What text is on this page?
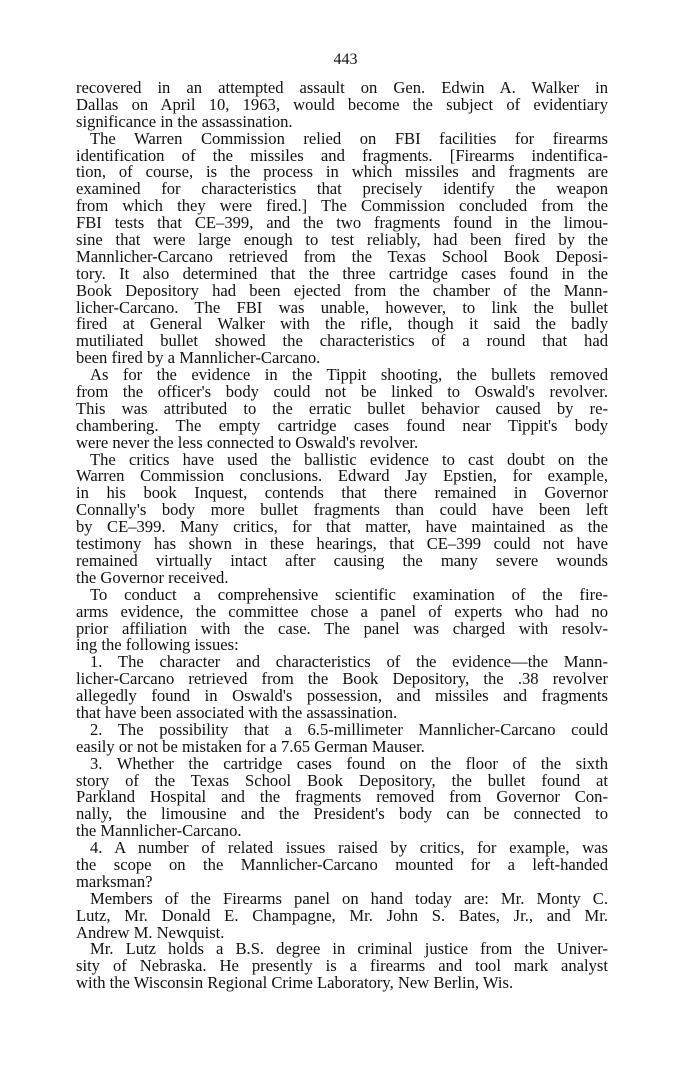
443
recovered in an attempted assault on Gen. Edwin A. Walker in
Dallas on April 10, 1963, would become the subject of evidentiary
significance in the assassination.
The Warren Commission relied on FBI facilities for firearms
identification of the missiles and fragments. [Firearms indentifica-
tion, of course, is the process in which missiles and fragments are
examined for characteristics that precisely identify the weapon
from which they were fired.] The Commission concluded from the
FBI tests that CE–399, and the two fragments found in the limou-
sine that were large enough to test reliably, had been fired by the
Mannlicher-Carcano retrieved from the Texas School Book Deposi-
tory. It also determined that the three cartridge cases found in the
Book Depository had been ejected from the chamber of the Mann-
licher-Carcano. The FBI was unable, however, to link the bullet
fired at General Walker with the rifle, though it said the badly
mutiliated bullet showed the characteristics of a round that had
been fired by a Mannlicher-Carcano.
As for the evidence in the Tippit shooting, the bullets removed
from the officer's body could not be linked to Oswald's revolver.
This was attributed to the erratic bullet behavior caused by re-
chambering. The empty cartridge cases found near Tippit's body
were never the less connected to Oswald's revolver.
The critics have used the ballistic evidence to cast doubt on the
Warren Commission conclusions. Edward Jay Epstien, for example,
in his book Inquest, contends that there remained in Governor
Connally's body more bullet fragments than could have been left
by CE–399. Many critics, for that matter, have maintained as the
testimony has shown in these hearings, that CE–399 could not have
remained virtually intact after causing the many severe wounds
the Governor received.
To conduct a comprehensive scientific examination of the fire-
arms evidence, the committee chose a panel of experts who had no
prior affiliation with the case. The panel was charged with resolv-
ing the following issues:
1. The character and characteristics of the evidence—the Mann-
licher-Carcano retrieved from the Book Depository, the .38 revolver
allegedly found in Oswald's possession, and missiles and fragments
that have been associated with the assassination.
2. The possibility that a 6.5-millimeter Mannlicher-Carcano could
easily or not be mistaken for a 7.65 German Mauser.
3. Whether the cartridge cases found on the floor of the sixth
story of the Texas School Book Depository, the bullet found at
Parkland Hospital and the fragments removed from Governor Con-
nally, the limousine and the President's body can be connected to
the Mannlicher-Carcano.
4. A number of related issues raised by critics, for example, was
the scope on the Mannlicher-Carcano mounted for a left-handed
marksman?
Members of the Firearms panel on hand today are: Mr. Monty C.
Lutz, Mr. Donald E. Champagne, Mr. John S. Bates, Jr., and Mr.
Andrew M. Newquist.
Mr. Lutz holds a B.S. degree in criminal justice from the Univer-
sity of Nebraska. He presently is a firearms and tool mark analyst
with the Wisconsin Regional Crime Laboratory, New Berlin, Wis.
